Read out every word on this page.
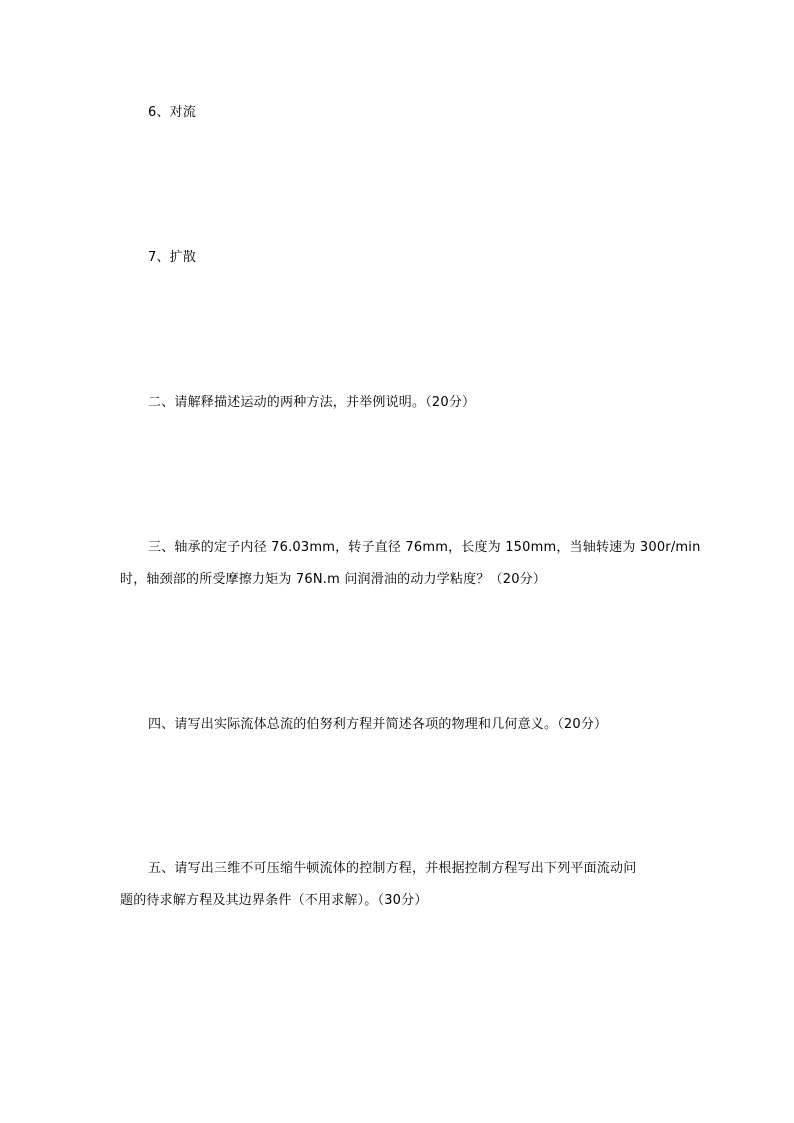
6、对流
7、扩散
二、请解释描述运动的两种方法，并举例说明。（20分）
三、轴承的定子内径 76.03mm，转子直径 76mm，长度为 150mm，当轴转速为 300r/min
时，轴颈部的所受摩擦力矩为 76N.m 问润滑油的动力学粘度？（20分）
四、请写出实际流体总流的伯努利方程并简述各项的物理和几何意义。（20分）
五、请写出三维不可压缩牛顿流体的控制方程，并根据控制方程写出下列平面流动问
题的待求解方程及其边界条件（不用求解）。（30分）
